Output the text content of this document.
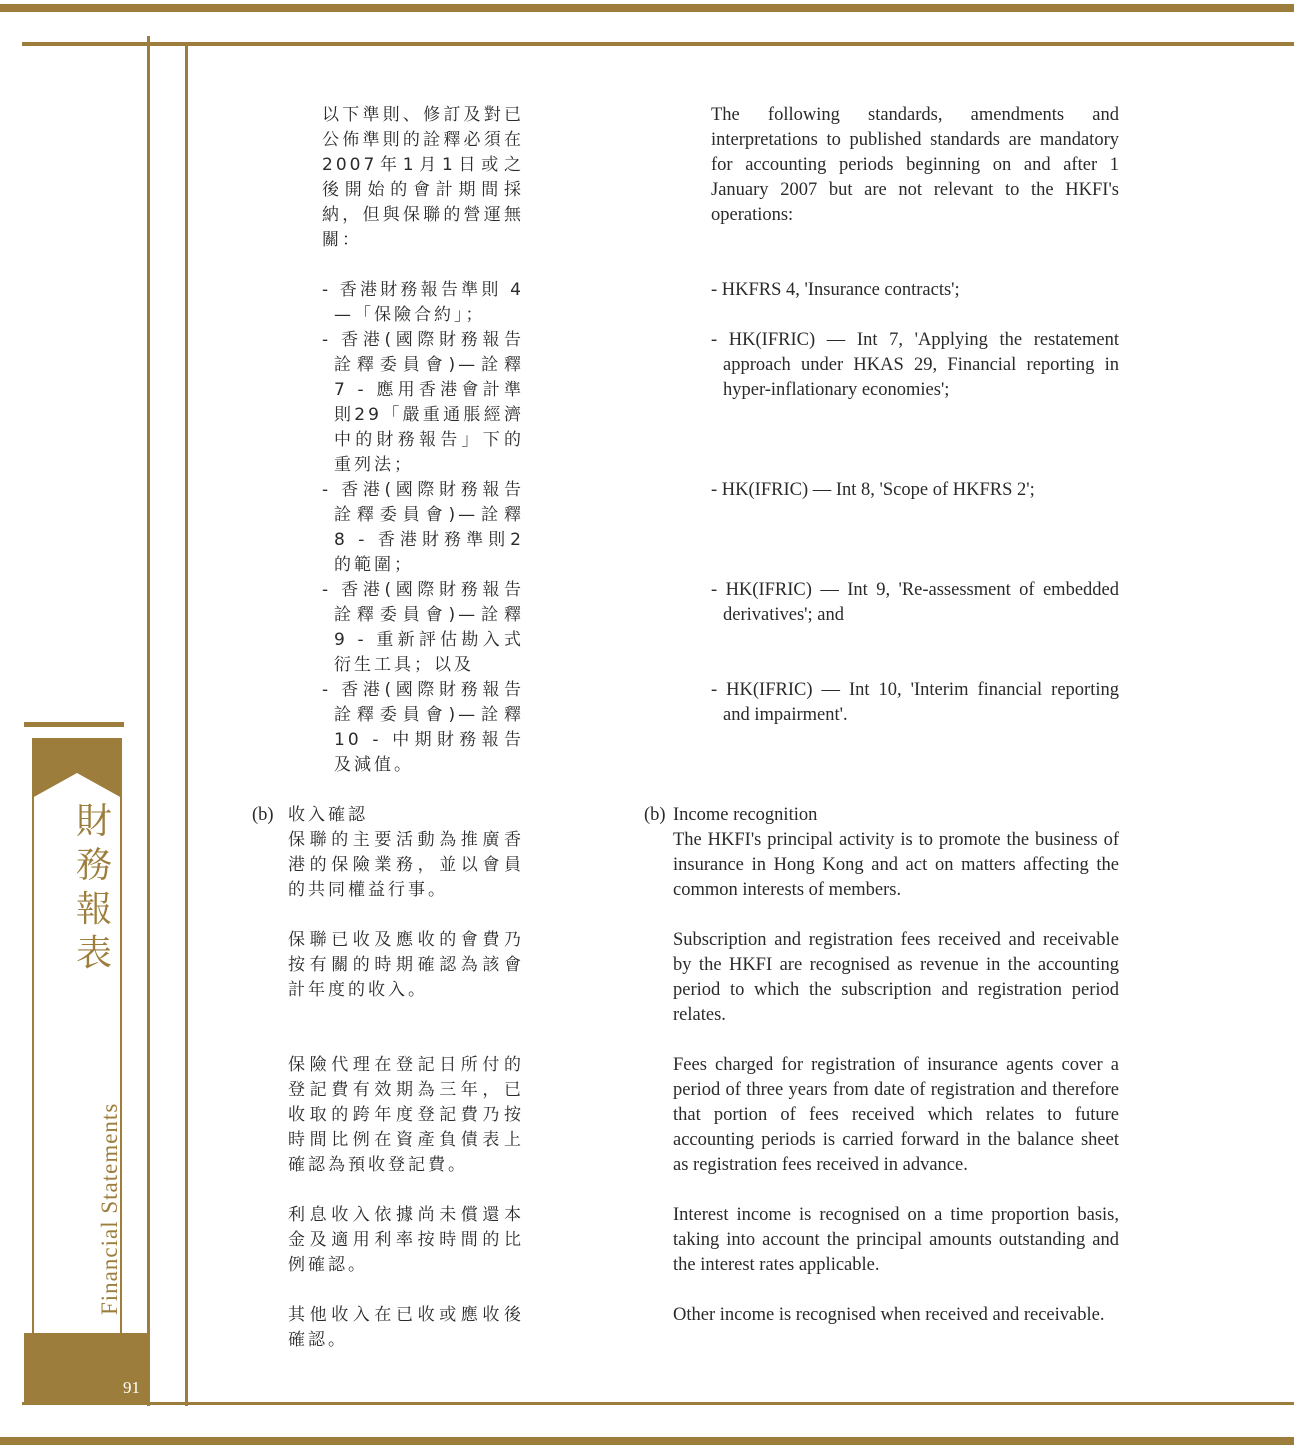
財務報表
Financial Statements
91
以下準則、修訂及對已公佈準則的詮釋必須在2007年1月1日或之後開始的會計期間採納，但與保聯的營運無關：
The following standards, amendments and interpretations to published standards are mandatory for accounting periods beginning on and after 1 January 2007 but are not relevant to the HKFI's operations:
- 香港財務報告準則 4 —「保險合約」；
- HKFRS 4, 'Insurance contracts';
- 香港(國際財務報告詮釋委員會)—詮釋 7 - 應用香港會計準則29「嚴重通脹經濟中的財務報告」下的重列法；
- HK(IFRIC) — Int 7, 'Applying the restatement approach under HKAS 29, Financial reporting in hyper-inflationary economies';
- 香港(國際財務報告詮釋委員會)—詮釋 8 - 香港財務準則2的範圍；
- HK(IFRIC) — Int 8, 'Scope of HKFRS 2';
- 香港(國際財務報告詮釋委員會)—詮釋 9 - 重新評估勘入式衍生工具；以及
- HK(IFRIC) — Int 9, 'Re-assessment of embedded derivatives'; and
- 香港(國際財務報告詮釋委員會)—詮釋 10 - 中期財務報告及減值。
- HK(IFRIC) — Int 10, 'Interim financial reporting and impairment'.
(b) 收入確認	(b) Income recognition
保聯的主要活動為推廣香港的保險業務，並以會員的共同權益行事。
The HKFI's principal activity is to promote the business of insurance in Hong Kong and act on matters affecting the common interests of members.
保聯已收及應收的會費乃按有關的時期確認為該會計年度的收入。
Subscription and registration fees received and receivable by the HKFI are recognised as revenue in the accounting period to which the subscription and registration period relates.
保險代理在登記日所付的登記費有效期為三年，已收取的跨年度登記費乃按時間比例在資產負債表上確認為預收登記費。
Fees charged for registration of insurance agents cover a period of three years from date of registration and therefore that portion of fees received which relates to future accounting periods is carried forward in the balance sheet as registration fees received in advance.
利息收入依據尚未償還本金及適用利率按時間的比例確認。
Interest income is recognised on a time proportion basis, taking into account the principal amounts outstanding and the interest rates applicable.
其他收入在已收或應收後確認。
Other income is recognised when received and receivable.
